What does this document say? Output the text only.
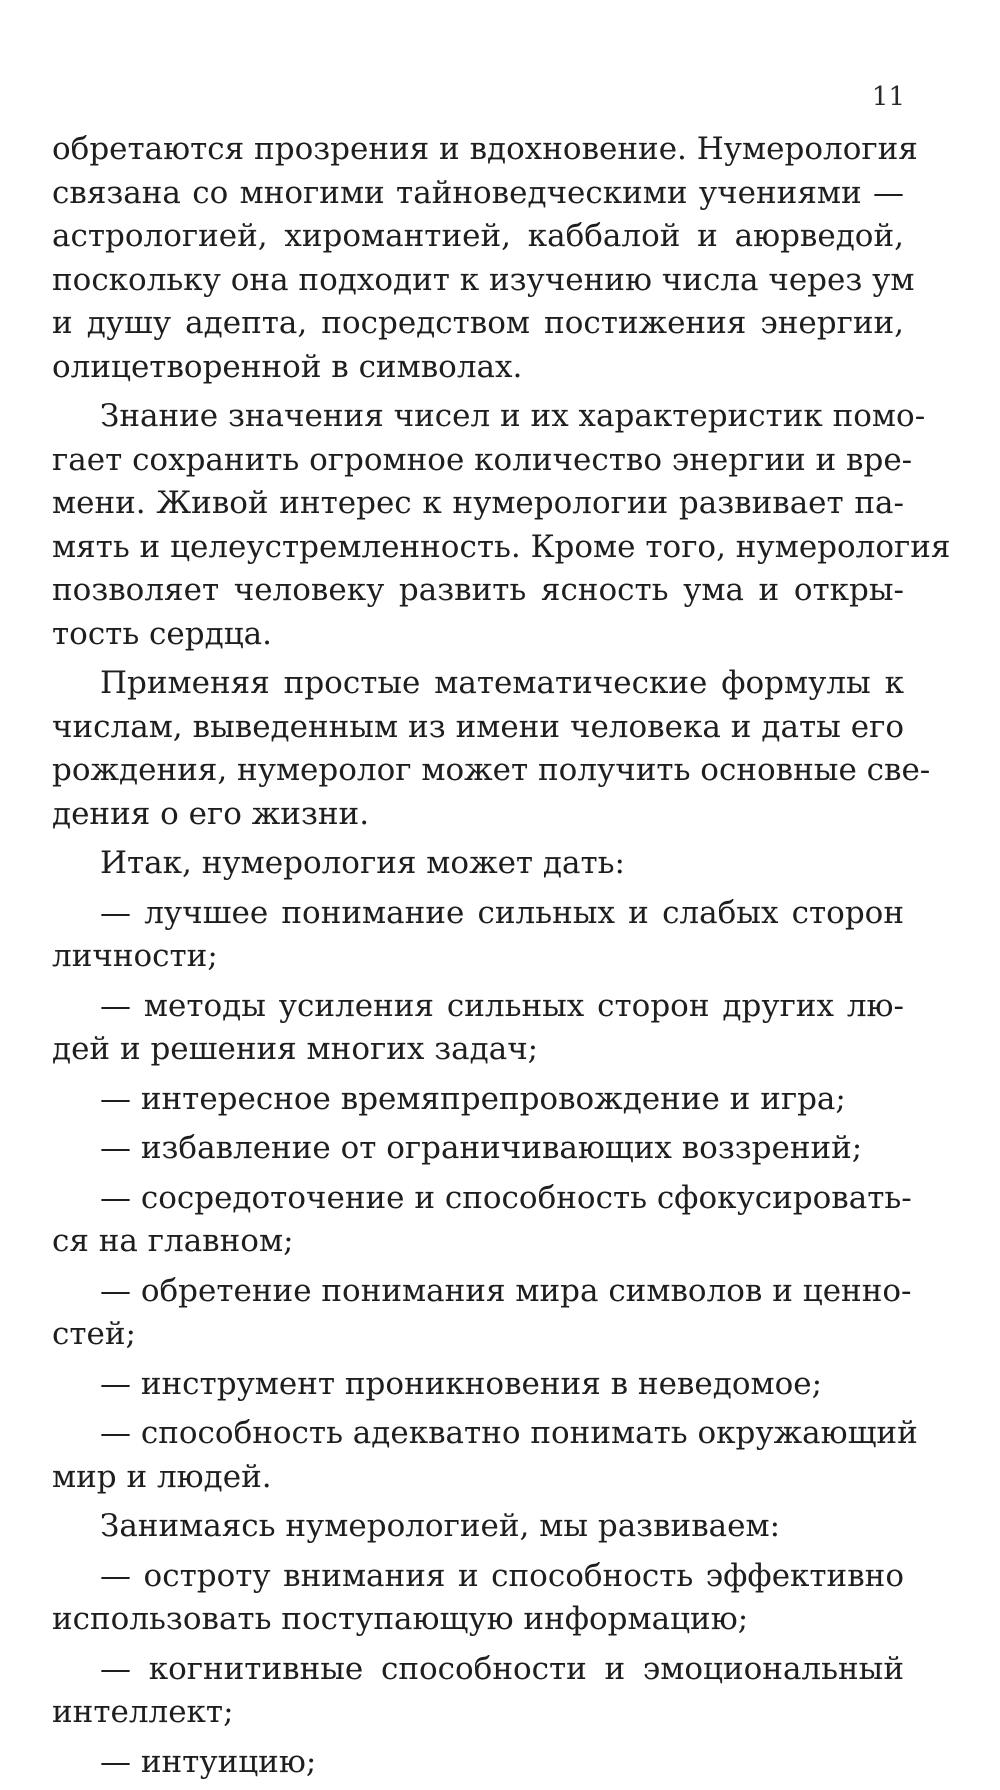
11
обретаются прозрения и вдохновение. Нумерология
связана со многими тайноведческими учениями —
астрологией, хиромантией, каббалой и аюрведой,
поскольку она подходит к изучению числа через ум
и душу адепта, посредством постижения энергии,
олицетворенной в символах.
Знание значения чисел и их характеристик помо-
гает сохранить огромное количество энергии и вре-
мени. Живой интерес к нумерологии развивает па-
мять и целеустремленность. Кроме того, нумерология
позволяет человеку развить ясность ума и откры-
тость сердца.
Применяя простые математические формулы к
числам, выведенным из имени человека и даты его
рождения, нумеролог может получить основные све-
дения о его жизни.
Итак, нумерология может дать:
— лучшее понимание сильных и слабых сторон
личности;
— методы усиления сильных сторон других лю-
дей и решения многих задач;
— интересное времяпрепровождение и игра;
— избавление от ограничивающих воззрений;
— сосредоточение и способность сфокусировать-
ся на главном;
— обретение понимания мира символов и ценно-
стей;
— инструмент проникновения в неведомое;
— способность адекватно понимать окружающий
мир и людей.
Занимаясь нумерологией, мы развиваем:
— остроту внимания и способность эффективно
использовать поступающую информацию;
— когнитивные способности и эмоциональный
интеллект;
— интуицию;
